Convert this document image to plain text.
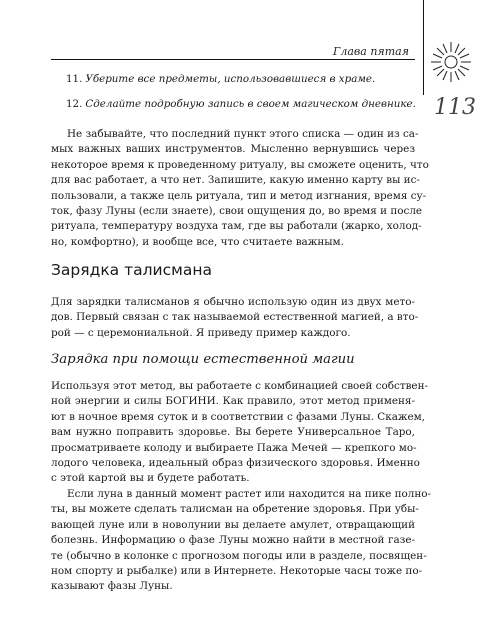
Глава пятая
113
11. Уберите все предметы, использовавшиеся в храме.
12. Сделайте подробную запись в своем магическом дневнике.
Не забывайте, что последний пункт этого списка — один из са-
мых важных ваших инструментов. Мысленно вернувшись через
некоторое время к проведенному ритуалу, вы сможете оценить, что
для вас работает, а что нет. Запишите, какую именно карту вы ис-
пользовали, а также цель ритуала, тип и метод изгнания, время су-
ток, фазу Луны (если знаете), свои ощущения до, во время и после
ритуала, температуру воздуха там, где вы работали (жарко, холод-
но, комфортно), и вообще все, что считаете важным.
Зарядка талисмана
Для зарядки талисманов я обычно использую один из двух мето-
дов. Первый связан с так называемой естественной магией, а вто-
рой — с церемониальной. Я приведу пример каждого.
Зарядка при помощи естественной магии
Используя этот метод, вы работаете с комбинацией своей собствен-
ной энергии и силы БОГИНИ. Как правило, этот метод применя-
ют в ночное время суток и в соответствии с фазами Луны. Скажем,
вам нужно поправить здоровье. Вы берете Универсальное Таро,
просматриваете колоду и выбираете Пажа Мечей — крепкого мо-
лодого человека, идеальный образ физического здоровья. Именно
с этой картой вы и будете работать.
Если луна в данный момент растет или находится на пике полно-
ты, вы можете сделать талисман на обретение здоровья. При убы-
вающей луне или в новолунии вы делаете амулет, отвращающий
болезнь. Информацию о фазе Луны можно найти в местной газе-
те (обычно в колонке с прогнозом погоды или в разделе, посвящен-
ном спорту и рыбалке) или в Интернете. Некоторые часы тоже по-
казывают фазы Луны.
